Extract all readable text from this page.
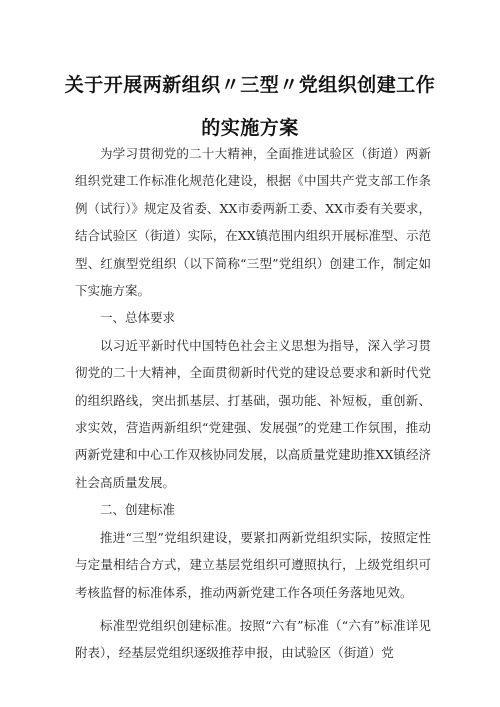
关于开展两新组织〃三型〃党组织创建工作
的实施方案

为学习贯彻党的二十大精神，全面推进试验区（街道）两新组织党建工作标准化规范化建设，根据《中国共产党支部工作条例（试行）》规定及省委、XX市委两新工委、XX市委有关要求，结合试验区（街道）实际，在XX镇范围内组织开展标准型、示范型、红旗型党组织（以下简称“三型”党组织）创建工作，制定如下实施方案。

一、总体要求

以习近平新时代中国特色社会主义思想为指导，深入学习贯彻党的二十大精神，全面贯彻新时代党的建设总要求和新时代党的组织路线，突出抓基层、打基础，强功能、补短板，重创新、求实效，营造两新组织“党建强、发展强”的党建工作氛围，推动两新党建和中心工作双核协同发展，以高质量党建助推XX镇经济社会高质量发展。

二、创建标准

推进“三型”党组织建设，要紧扣两新党组织实际，按照定性与定量相结合方式，建立基层党组织可遵照执行，上级党组织可考核监督的标准体系，推动两新党建工作各项任务落地见效。

标准型党组织创建标准。按照“六有”标准（“六有”标准详见附表），经基层党组织逐级推荐申报，由试验区（街道）党
